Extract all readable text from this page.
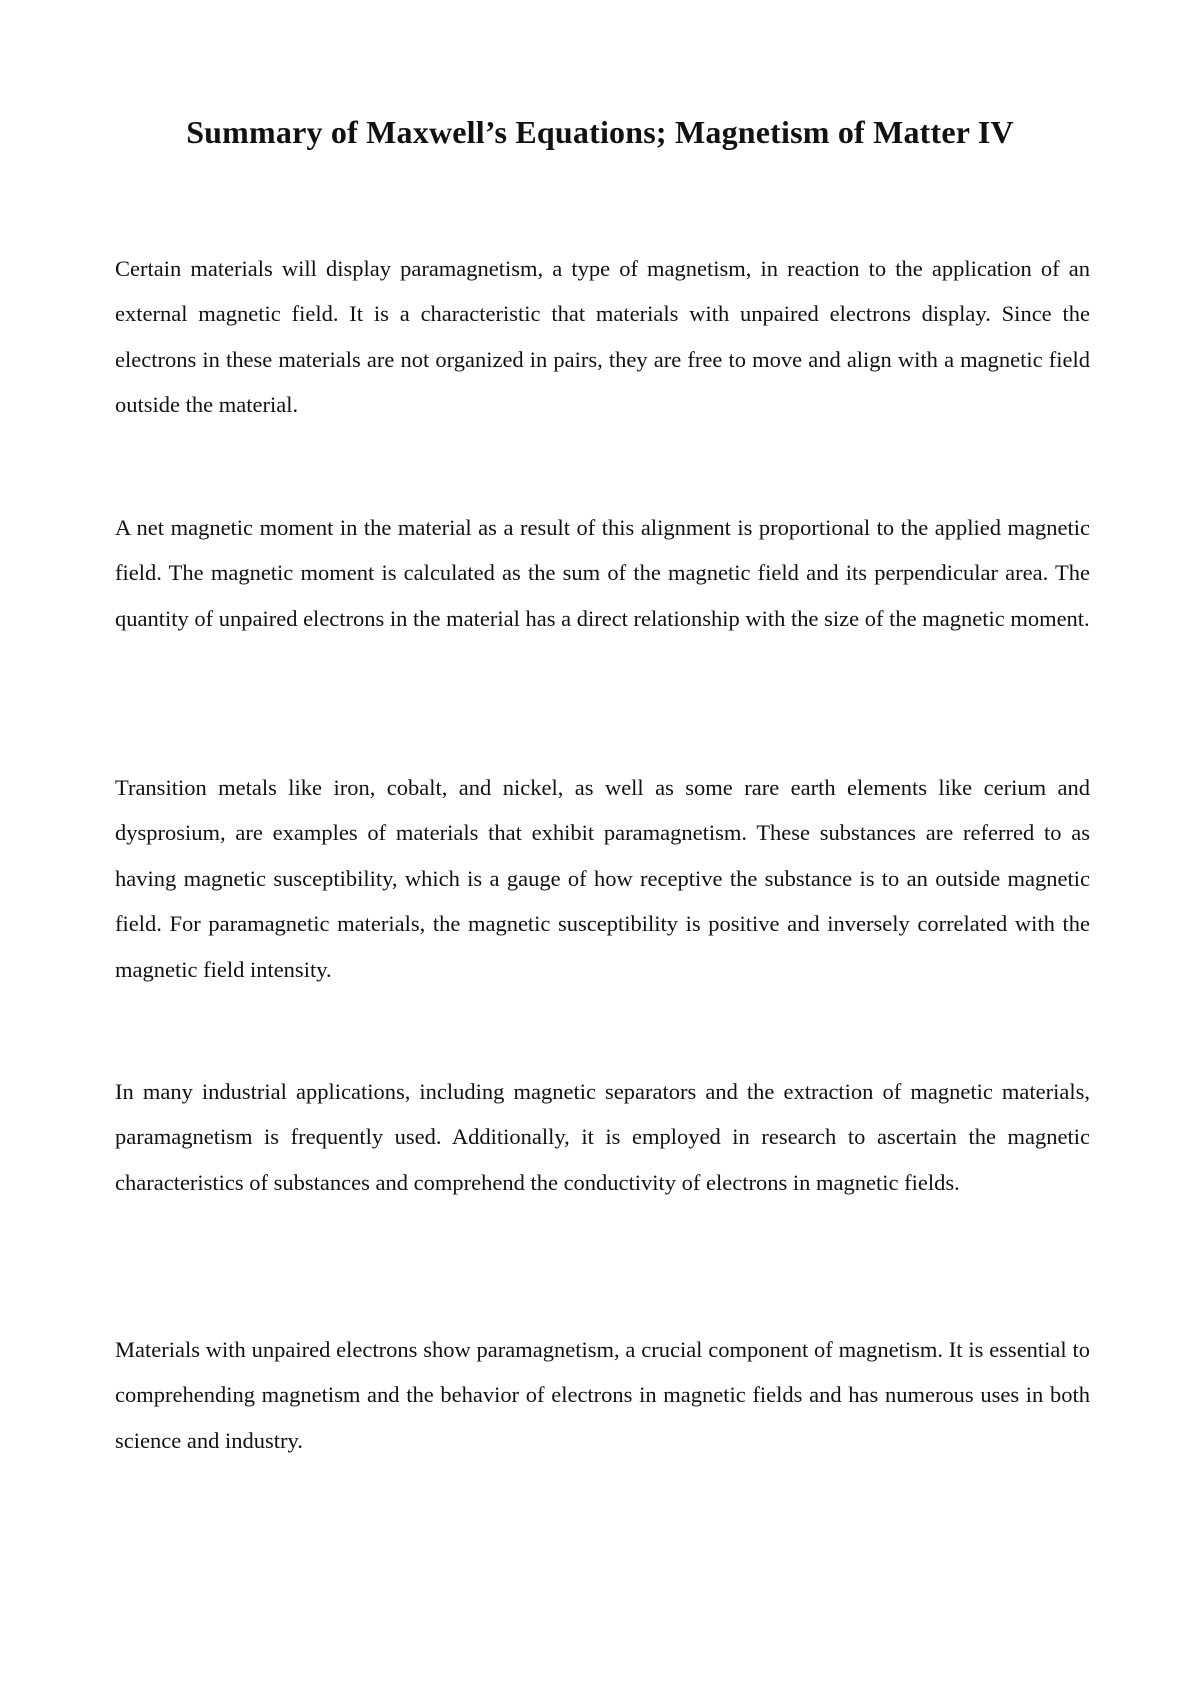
Summary of Maxwell’s Equations; Magnetism of Matter IV

Certain materials will display paramagnetism, a type of magnetism, in reaction to the application of an external magnetic field. It is a characteristic that materials with unpaired electrons display. Since the electrons in these materials are not organized in pairs, they are free to move and align with a magnetic field outside the material.

A net magnetic moment in the material as a result of this alignment is proportional to the applied magnetic field. The magnetic moment is calculated as the sum of the magnetic field and its perpendicular area. The quantity of unpaired electrons in the material has a direct relationship with the size of the magnetic moment.

Transition metals like iron, cobalt, and nickel, as well as some rare earth elements like cerium and dysprosium, are examples of materials that exhibit paramagnetism. These substances are referred to as having magnetic susceptibility, which is a gauge of how receptive the substance is to an outside magnetic field. For paramagnetic materials, the magnetic susceptibility is positive and inversely correlated with the magnetic field intensity.

In many industrial applications, including magnetic separators and the extraction of magnetic materials, paramagnetism is frequently used. Additionally, it is employed in research to ascertain the magnetic characteristics of substances and comprehend the conductivity of electrons in magnetic fields.

Materials with unpaired electrons show paramagnetism, a crucial component of magnetism. It is essential to comprehending magnetism and the behavior of electrons in magnetic fields and has numerous uses in both science and industry.
